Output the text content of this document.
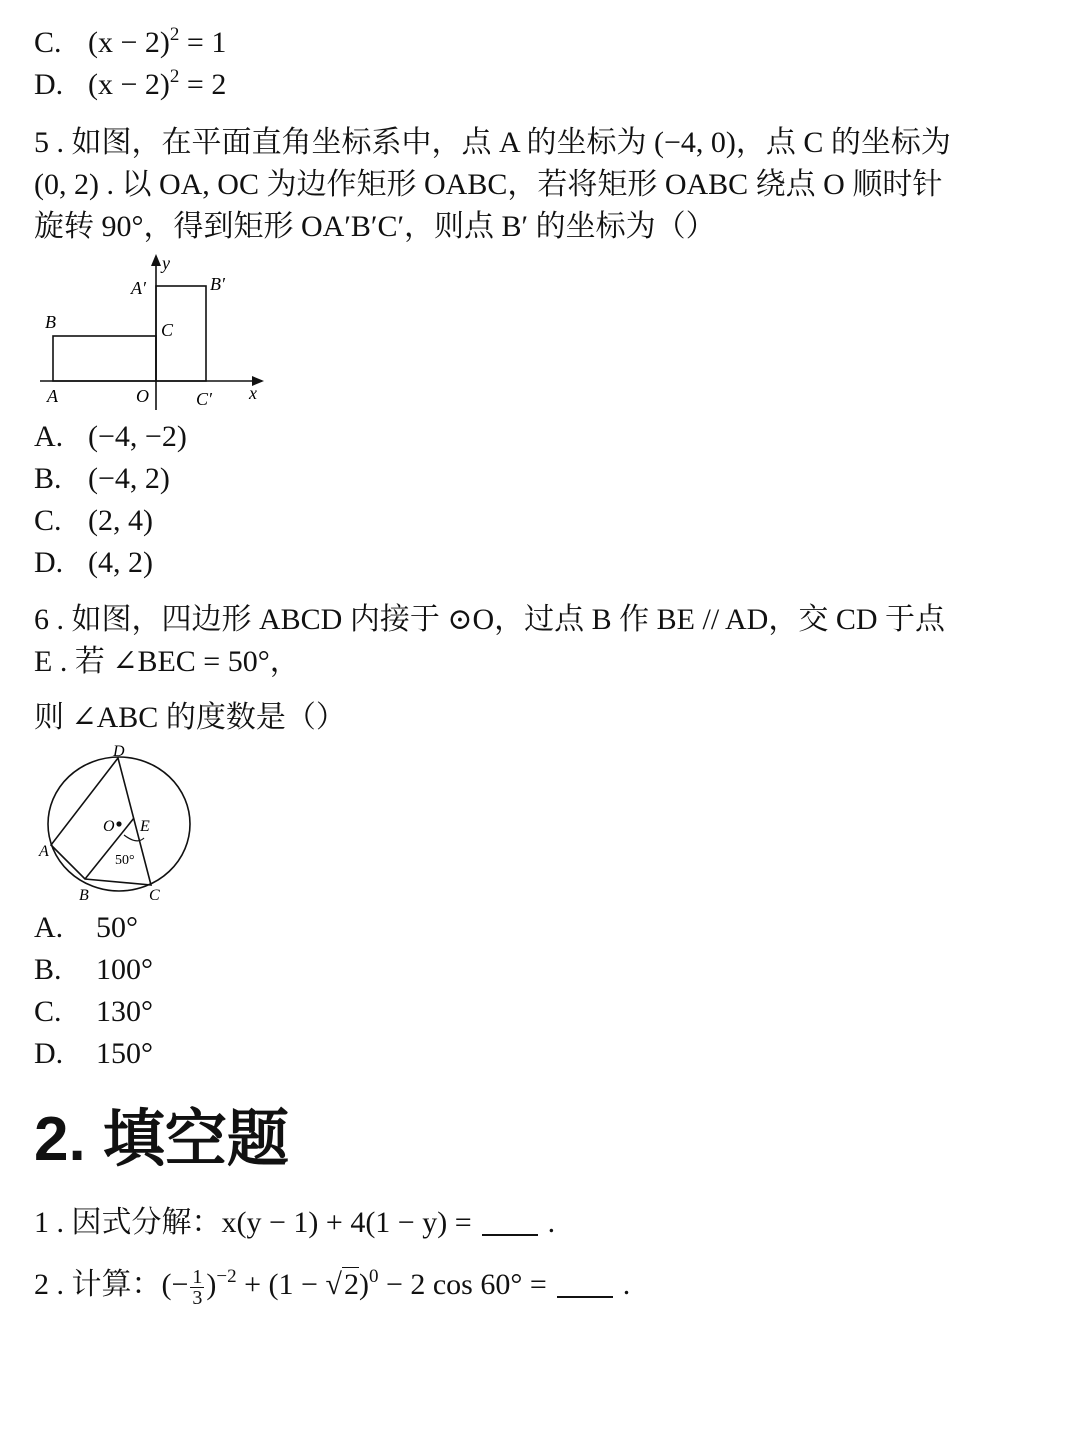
C. $(x - 2)^2 = 1$
D. $(x - 2)^2 = 2$
5 . 如图，在平面直角坐标系中，点 A 的坐标为 (−4, 0)，点 C 的坐标为
(0, 2) . 以 OA, OC 为边作矩形 OABC，若将矩形 OABC 绕点 O 顺时针
旋转 90°，得到矩形 OA′B′C′，则点 B′ 的坐标为（）
y
x
A′	B′
B	C
A	O	C′
A. (−4, −2)
B. (−4, 2)
C. (2, 4)
D. (4, 2)
6 . 如图，四边形 ABCD 内接于 ⊙O，过点 B 作 BE // AD，交 CD 于点
E . 若 ∠BEC = 50°，
则 ∠ABC 的度数是（）
D
O E
A
50°
B	C
A. 50°
B. 100°
C. 130°
D. 150°
2. 填空题
1 . 因式分解：x(y − 1) + 4(1 − y) =	.
2 . 计算：(− $\frac{1}{3} )^{-2} + (1 - √2)^0 - 2$ cos 60° =	.
